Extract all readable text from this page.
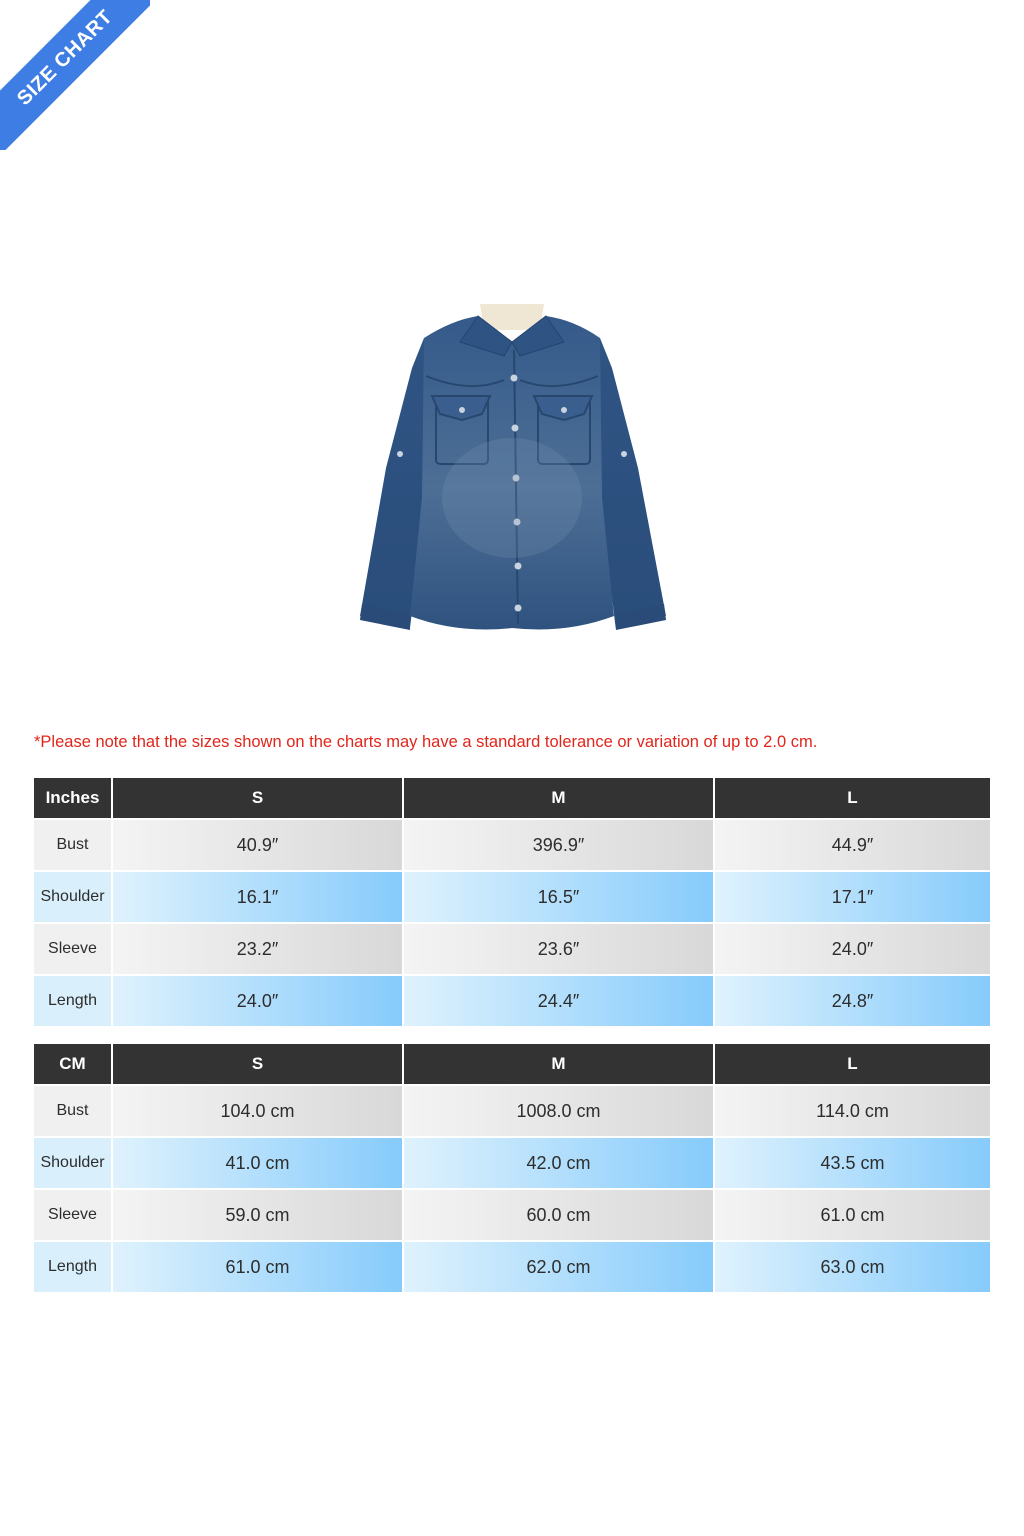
SIZE CHART
*Please note that the sizes shown on the charts may have a standard tolerance or variation of up to 2.0 cm.
Inches	S	M	L
Bust	40.9″	396.9″	44.9″
Shoulder	16.1″	16.5″	17.1″
Sleeve	23.2″	23.6″	24.0″
Length	24.0″	24.4″	24.8″
CM	S	M	L
Bust	104.0 cm	1008.0 cm	114.0 cm
Shoulder	41.0 cm	42.0 cm	43.5 cm
Sleeve	59.0 cm	60.0 cm	61.0 cm
Length	61.0 cm	62.0 cm	63.0 cm
